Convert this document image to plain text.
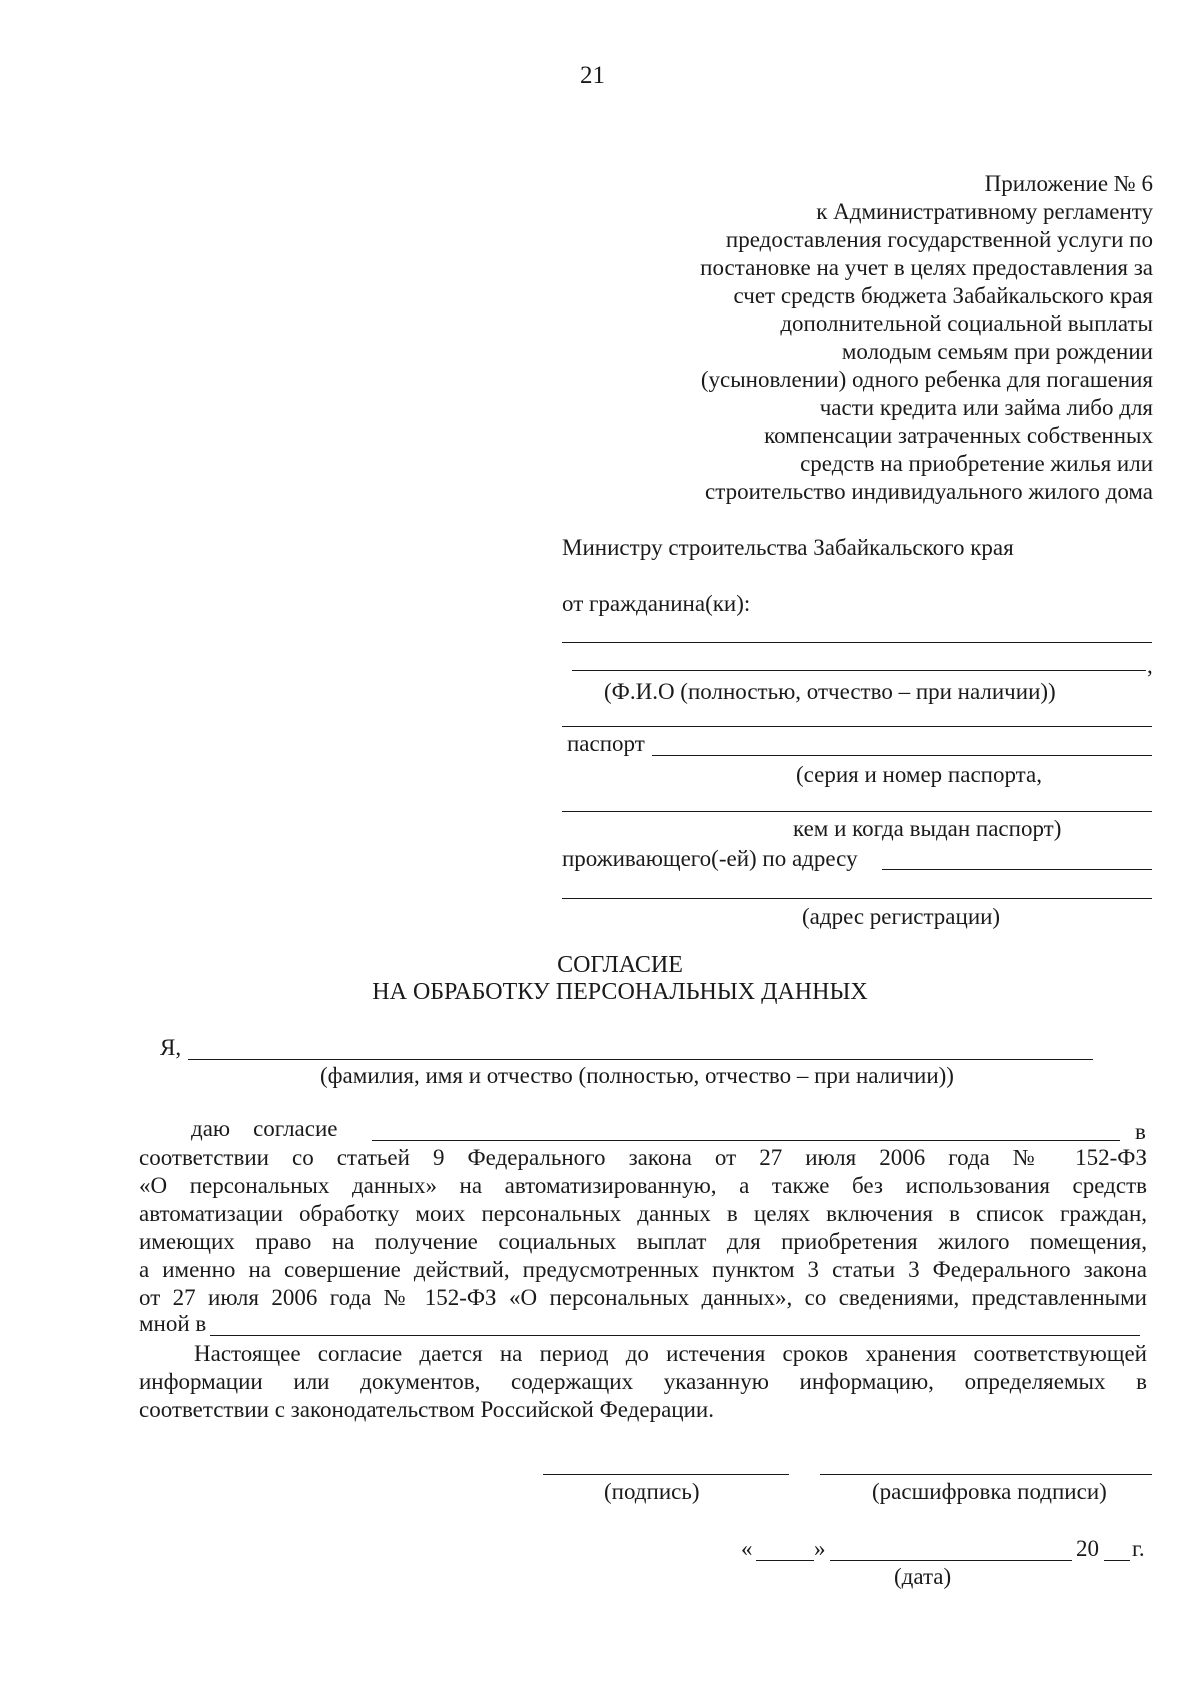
21
Приложение № 6
к Административному регламенту
предоставления государственной услуги по
постановке на учет в целях предоставления за
счет средств бюджета Забайкальского края
дополнительной социальной выплаты
молодым семьям при рождении
(усыновлении) одного ребенка для погашения
части кредита или займа либо для
компенсации затраченных собственных
средств на приобретение жилья или
строительство индивидуального жилого дома
Министру строительства Забайкальского края
от гражданина(ки):
,
(Ф.И.О (полностью, отчество – при наличии))
паспорт
(серия и номер паспорта,
кем и когда выдан паспорт)
проживающего(-ей) по адресу
(адрес регистрации)
СОГЛАСИЕ
НА ОБРАБОТКУ ПЕРСОНАЛЬНЫХ ДАННЫХ
Я,
(фамилия, имя и отчество (полностью, отчество – при наличии))
даю    согласие	в
соответствии со статьей 9 Федерального закона от 27 июля 2006 года № 152-ФЗ
«О персональных данных» на автоматизированную, а также без использования средств
автоматизации обработку моих персональных данных в целях включения в список граждан,
имеющих право на получение социальных выплат для приобретения жилого помещения,
а именно на совершение действий, предусмотренных пунктом 3 статьи 3 Федерального закона
от 27 июля 2006 года № 152-ФЗ «О персональных данных», со сведениями, представленными
мной в
Настоящее согласие дается на период до истечения сроков хранения соответствующей
информации или документов, содержащих указанную информацию, определяемых в
соответствии с законодательством Российской Федерации.
(подпись)	(расшифровка подписи)
«	»	20 г.
(дата)
